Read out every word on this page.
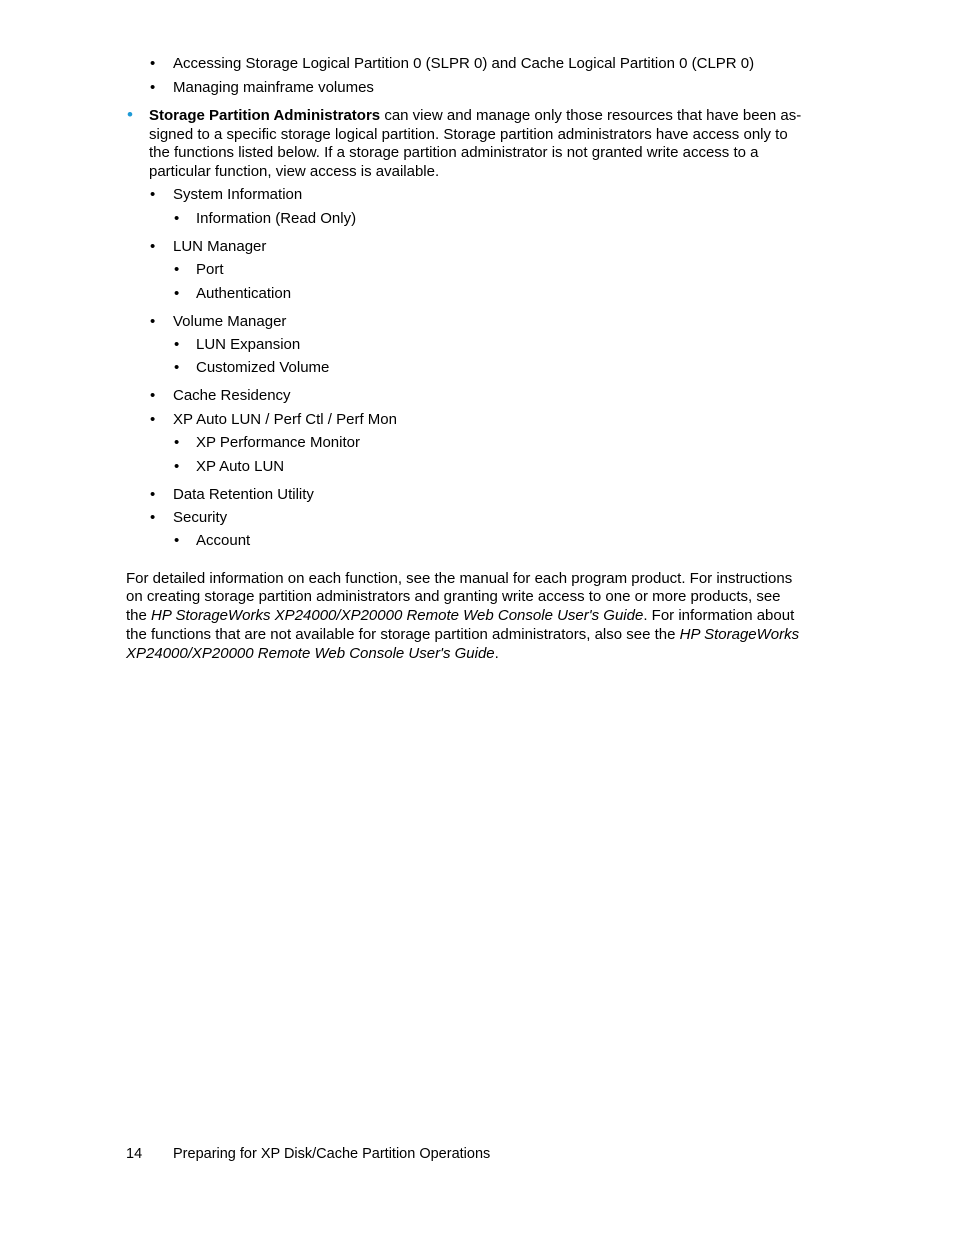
• Accessing Storage Logical Partition 0 (SLPR 0) and Cache Logical Partition 0 (CLPR 0)
• Managing mainframe volumes
• Storage Partition Administrators can view and manage only those resources that have been as-
signed to a specific storage logical partition. Storage partition administrators have access only to
the functions listed below. If a storage partition administrator is not granted write access to a
particular function, view access is available.
• System Information
• Information (Read Only)
• LUN Manager
• Port
• Authentication
• Volume Manager
• LUN Expansion
• Customized Volume
• Cache Residency
• XP Auto LUN / Perf Ctl / Perf Mon
• XP Performance Monitor
• XP Auto LUN
• Data Retention Utility
• Security
• Account
For detailed information on each function, see the manual for each program product. For instructions
on creating storage partition administrators and granting write access to one or more products, see
the HP StorageWorks XP24000/XP20000 Remote Web Console User's Guide. For information about
the functions that are not available for storage partition administrators, also see the HP StorageWorks
XP24000/XP20000 Remote Web Console User's Guide.
14 Preparing for XP Disk/Cache Partition Operations
